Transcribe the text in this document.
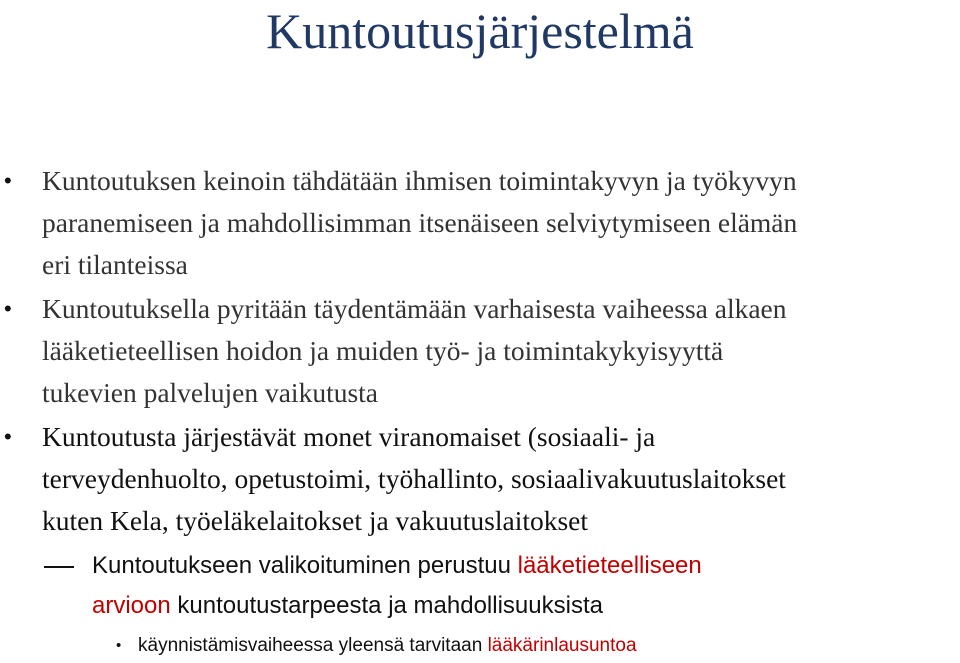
Kuntoutusjärjestelmä
• Kuntoutuksen keinoin tähdätään ihmisen toimintakyvyn ja työkyvyn
paranemiseen ja mahdollisimman itsenäiseen selviytymiseen elämän
eri tilanteissa
• Kuntoutuksella pyritään täydentämään varhaisesta vaiheessa alkaen
lääketieteellisen hoidon ja muiden työ- ja toimintakykyisyyttä
tukevien palvelujen vaikutusta
• Kuntoutusta järjestävät monet viranomaiset (sosiaali- ja
terveydenhuolto, opetustoimi, työhallinto, sosiaalivakuutuslaitokset
kuten Kela, työeläkelaitokset ja vakuutuslaitokset
Kuntoutukseen valikoituminen perustuu lääketieteelliseen
arvioon kuntoutustarpeesta ja mahdollisuuksista
• käynnistämisvaiheessa yleensä tarvitaan lääkärinlausuntoa
